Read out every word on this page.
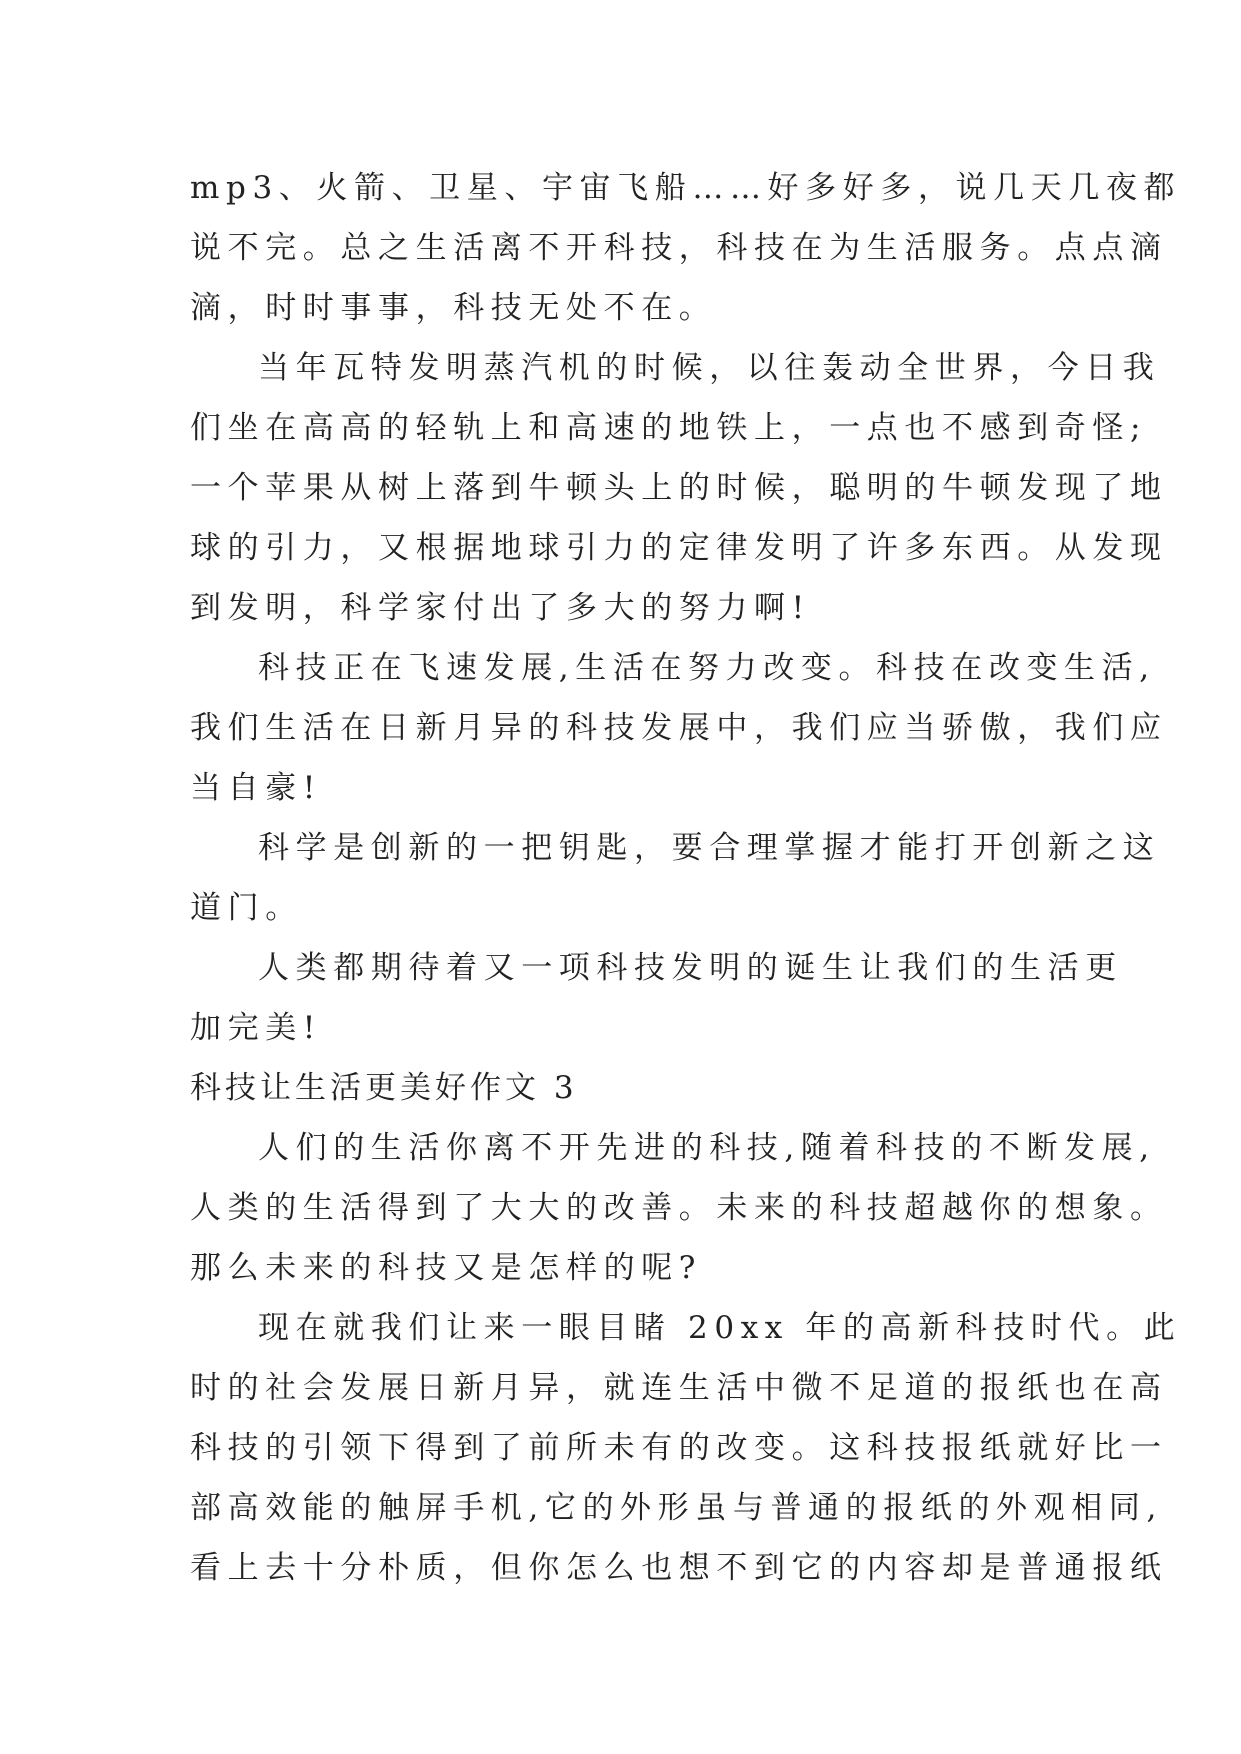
mp3、火箭、卫星、宇宙飞船……好多好多，说几天几夜都
说不完。总之生活离不开科技，科技在为生活服务。点点滴
滴，时时事事，科技无处不在。
当年瓦特发明蒸汽机的时候，以往轰动全世界，今日我
们坐在高高的轻轨上和高速的地铁上，一点也不感到奇怪;
一个苹果从树上落到牛顿头上的时候，聪明的牛顿发现了地
球的引力，又根据地球引力的定律发明了许多东西。从发现
到发明，科学家付出了多大的努力啊!
科技正在飞速发展,生活在努力改变。科技在改变生活,
我们生活在日新月异的科技发展中，我们应当骄傲，我们应
当自豪!
科学是创新的一把钥匙，要合理掌握才能打开创新之这
道门。
人类都期待着又一项科技发明的诞生让我们的生活更
加完美!
科技让生活更美好作文 3
人们的生活你离不开先进的科技,随着科技的不断发展,
人类的生活得到了大大的改善。未来的科技超越你的想象。
那么未来的科技又是怎样的呢?
现在就我们让来一眼目睹 20xx 年的高新科技时代。此
时的社会发展日新月异，就连生活中微不足道的报纸也在高
科技的引领下得到了前所未有的改变。这科技报纸就好比一
部高效能的触屏手机,它的外形虽与普通的报纸的外观相同,
看上去十分朴质，但你怎么也想不到它的内容却是普通报纸
